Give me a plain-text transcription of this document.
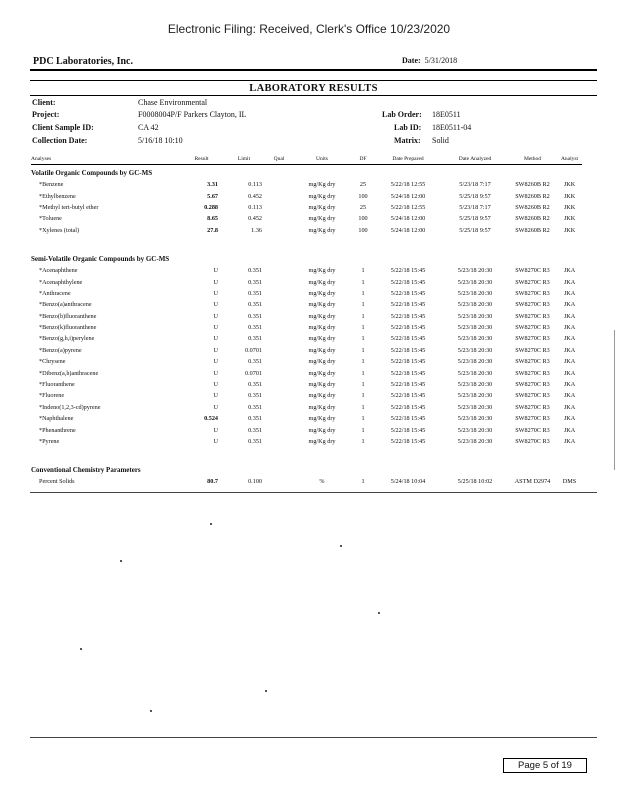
Electronic Filing: Received, Clerk's Office 10/23/2020
PDC Laboratories, Inc.	Date: 5/31/2018
LABORATORY RESULTS
Client:	Chase Environmental
Project:	F0008004P/F Parkers Clayton, IL	Lab Order: 18E0511
Client Sample ID:	CA 42	Lab ID: 18E0511-04
Collection Date:	5/16/18 10:10	Matrix: Solid
Analyses	Result	Limit	Qual	Units	DF	Date Prepared	Date Analyzed	Method	Analyst
Volatile Organic Compounds by GC-MS									
*Benzene	3.31	0.113		mg/Kg dry	25	5/22/18 12:55	5/23/18 7:17	SW8260B R2	JKK
*Ethylbenzene	5.67	0.452		mg/Kg dry	100	5/24/18 12:00	5/25/18 9:57	SW8260B R2	JKK
*Methyl tert-butyl ether	0.288	0.113		mg/Kg dry	25	5/22/18 12:55	5/23/18 7:17	SW8260B R2	JKK
*Toluene	8.65	0.452		mg/Kg dry	100	5/24/18 12:00	5/25/18 9:57	SW8260B R2	JKK
*Xylenes (total)	27.8	1.36		mg/Kg dry	100	5/24/18 12:00	5/25/18 9:57	SW8260B R2	JKK

Semi-Volatile Organic Compounds by GC-MS									
*Acenaphthene	U	0.351		mg/Kg dry	1	5/22/18 15:45	5/23/18 20:30	SW8270C R3	JKA
*Acenaphthylene	U	0.351		mg/Kg dry	1	5/22/18 15:45	5/23/18 20:30	SW8270C R3	JKA
*Anthracene	U	0.351		mg/Kg dry	1	5/22/18 15:45	5/23/18 20:30	SW8270C R3	JKA
*Benzo(a)anthracene	U	0.351		mg/Kg dry	1	5/22/18 15:45	5/23/18 20:30	SW8270C R3	JKA
*Benzo(b)fluoranthene	U	0.351		mg/Kg dry	1	5/22/18 15:45	5/23/18 20:30	SW8270C R3	JKA
*Benzo(k)fluoranthene	U	0.351		mg/Kg dry	1	5/22/18 15:45	5/23/18 20:30	SW8270C R3	JKA
*Benzo(g,h,i)perylene	U	0.351		mg/Kg dry	1	5/22/18 15:45	5/23/18 20:30	SW8270C R3	JKA
*Benzo(a)pyrene	U	0.0701		mg/Kg dry	1	5/22/18 15:45	5/23/18 20:30	SW8270C R3	JKA
*Chrysene	U	0.351		mg/Kg dry	1	5/22/18 15:45	5/23/18 20:30	SW8270C R3	JKA
*Dibenz(a,h)anthracene	U	0.0701		mg/Kg dry	1	5/22/18 15:45	5/23/18 20:30	SW8270C R3	JKA
*Fluoranthene	U	0.351		mg/Kg dry	1	5/22/18 15:45	5/23/18 20:30	SW8270C R3	JKA
*Fluorene	U	0.351		mg/Kg dry	1	5/22/18 15:45	5/23/18 20:30	SW8270C R3	JKA
*Indeno(1,2,3-cd)pyrene	U	0.351		mg/Kg dry	1	5/22/18 15:45	5/23/18 20:30	SW8270C R3	JKA
*Naphthalene	0.524	0.351		mg/Kg dry	1	5/22/18 15:45	5/23/18 20:30	SW8270C R3	JKA
*Phenanthrene	U	0.351		mg/Kg dry	1	5/22/18 15:45	5/23/18 20:30	SW8270C R3	JKA
*Pyrene	U	0.351		mg/Kg dry	1	5/22/18 15:45	5/23/18 20:30	SW8270C R3	JKA

Conventional Chemistry Parameters									
Percent Solids	80.7	0.100		%	1	5/24/18 10:04	5/25/18 10:02	ASTM D2974	DMS
Page 5 of 19
